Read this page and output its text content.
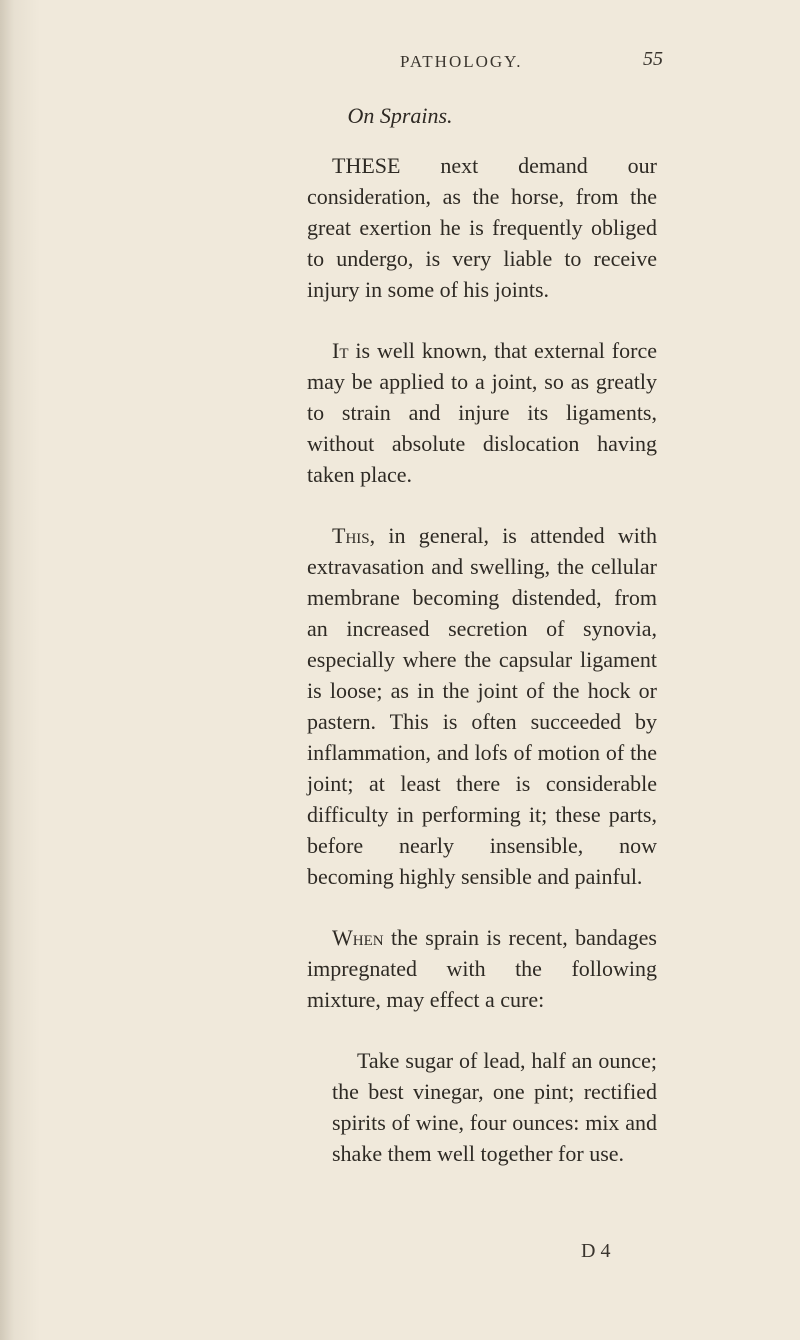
PATHOLOGY.	55
On Sprains.

THESE next demand our consideration, as the horse, from the great exertion he is frequently obliged to undergo, is very liable to receive injury in some of his joints.

It is well known, that external force may be applied to a joint, so as greatly to strain and injure its ligaments, without absolute dislocation having taken place.

This, in general, is attended with extravasation and swelling, the cellular membrane becoming distended, from an increased secretion of synovia, especially where the capsular ligament is loose; as in the joint of the hock or pastern. This is often succeeded by inflammation, and lofs of motion of the joint; at least there is considerable difficulty in performing it; these parts, before nearly insensible, now becoming highly sensible and painful.

When the sprain is recent, bandages impregnated with the following mixture, may effect a cure:

Take sugar of lead, half an ounce; the best vinegar, one pint; rectified spirits of wine, four ounces: mix and shake them well together for use.

D 4
